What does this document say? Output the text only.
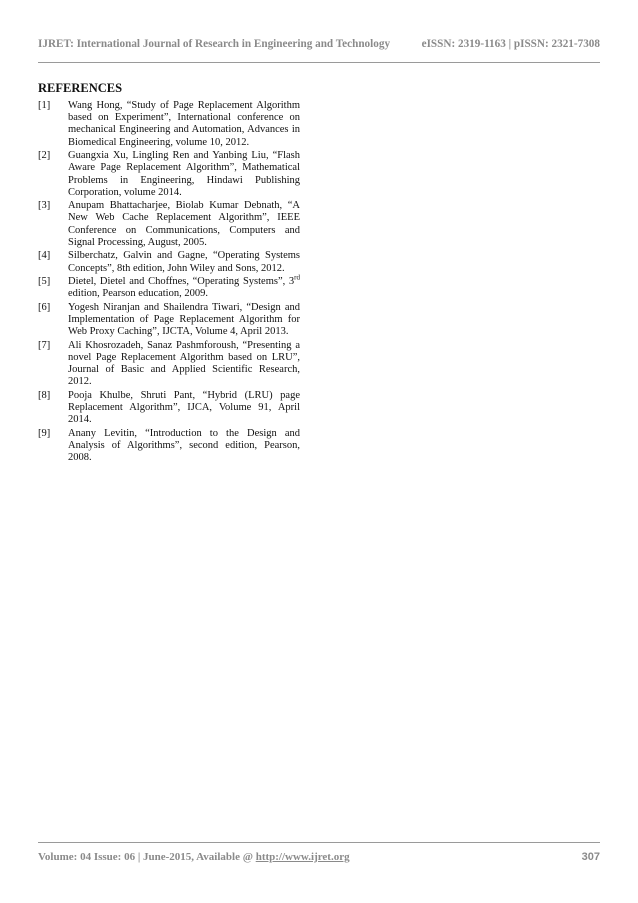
IJRET: International Journal of Research in Engineering and Technology	eISSN: 2319-1163 | pISSN: 2321-7308
REFERENCES
[1]	Wang Hong, “Study of Page Replacement Algorithm based on Experiment”, International conference on mechanical Engineering and Automation, Advances in Biomedical Engineering, volume 10, 2012.
[2]	Guangxia Xu, Lingling Ren and Yanbing Liu, “Flash Aware Page Replacement Algorithm”, Mathematical Problems in Engineering, Hindawi Publishing Corporation, volume 2014.
[3]	Anupam Bhattacharjee, Biolab Kumar Debnath, “A New Web Cache Replacement Algorithm”, IEEE Conference on Communications, Computers and Signal Processing, August, 2005.
[4]	Silberchatz, Galvin and Gagne, “Operating Systems Concepts”, 8th edition, John Wiley and Sons, 2012.
[5]	Dietel, Dietel and Choffnes, “Operating Systems”, 3rd edition, Pearson education, 2009.
[6]	Yogesh Niranjan and Shailendra Tiwari, “Design and Implementation of Page Replacement Algorithm for Web Proxy Caching”, IJCTA, Volume 4, April 2013.
[7]	Ali Khosrozadeh, Sanaz Pashmforoush, “Presenting a novel Page Replacement Algorithm based on LRU”, Journal of Basic and Applied Scientific Research, 2012.
[8]	Pooja Khulbe, Shruti Pant, “Hybrid (LRU) page Replacement Algorithm”, IJCA, Volume 91, April 2014.
[9]	Anany Levitin, “Introduction to the Design and Analysis of Algorithms”, second edition, Pearson, 2008.
Volume: 04 Issue: 06 | June-2015, Available @ http://www.ijret.org	307
